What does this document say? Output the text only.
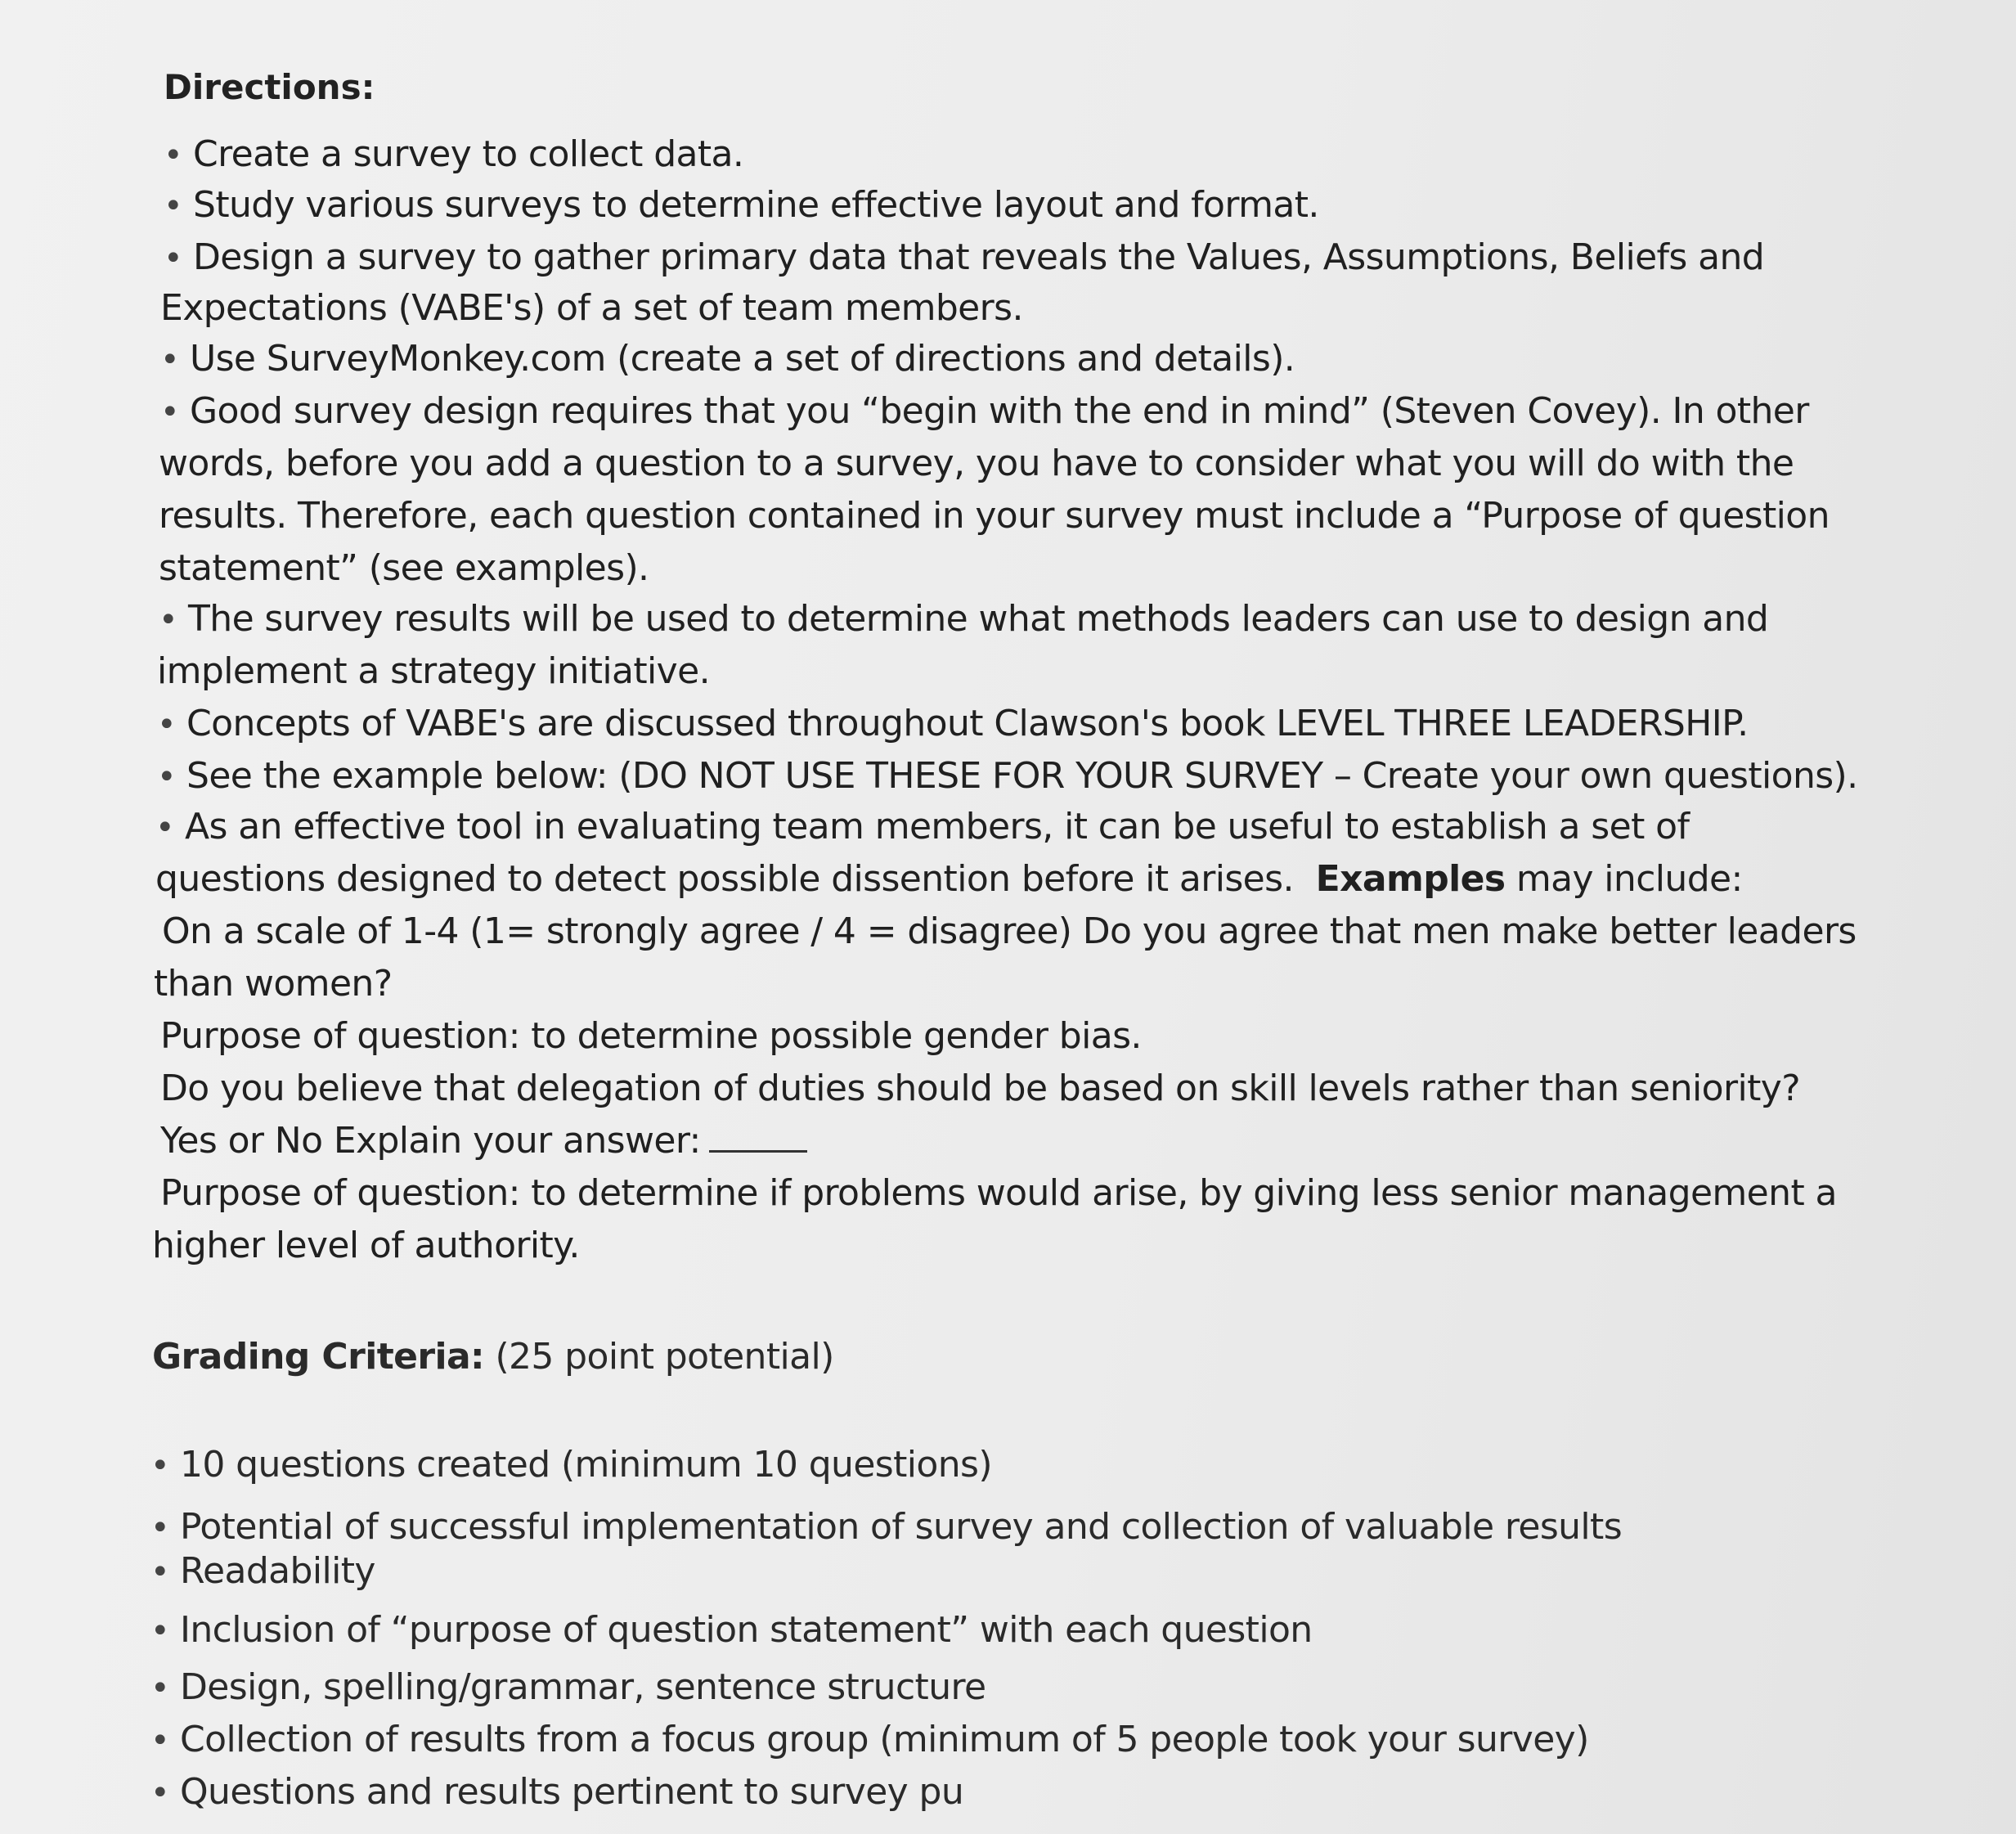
Directions:
• Create a survey to collect data.
• Study various surveys to determine effective layout and format.
• Design a survey to gather primary data that reveals the Values, Assumptions, Beliefs and
Expectations (VABE's) of a set of team members.
• Use SurveyMonkey.com (create a set of directions and details).
• Good survey design requires that you “begin with the end in mind” (Steven Covey). In other
words, before you add a question to a survey, you have to consider what you will do with the
results. Therefore, each question contained in your survey must include a “Purpose of question
statement” (see examples).
• The survey results will be used to determine what methods leaders can use to design and
implement a strategy initiative.
• Concepts of VABE's are discussed throughout Clawson's book LEVEL THREE LEADERSHIP.
• See the example below: (DO NOT USE THESE FOR YOUR SURVEY – Create your own questions).
• As an effective tool in evaluating team members, it can be useful to establish a set of
questions designed to detect possible dissention before it arises. Examples may include:
On a scale of 1-4 (1= strongly agree / 4 = disagree) Do you agree that men make better leaders
than women?
Purpose of question: to determine possible gender bias.
Do you believe that delegation of duties should be based on skill levels rather than seniority?
Yes or No Explain your answer:
Purpose of question: to determine if problems would arise, by giving less senior management a
higher level of authority.
Grading Criteria: (25 point potential)
• 10 questions created (minimum 10 questions)
• Potential of successful implementation of survey and collection of valuable results
• Readability
• Inclusion of “purpose of question statement” with each question
• Design, spelling/grammar, sentence structure
• Collection of results from a focus group (minimum of 5 people took your survey)
• Questions and results pertinent to survey pu
